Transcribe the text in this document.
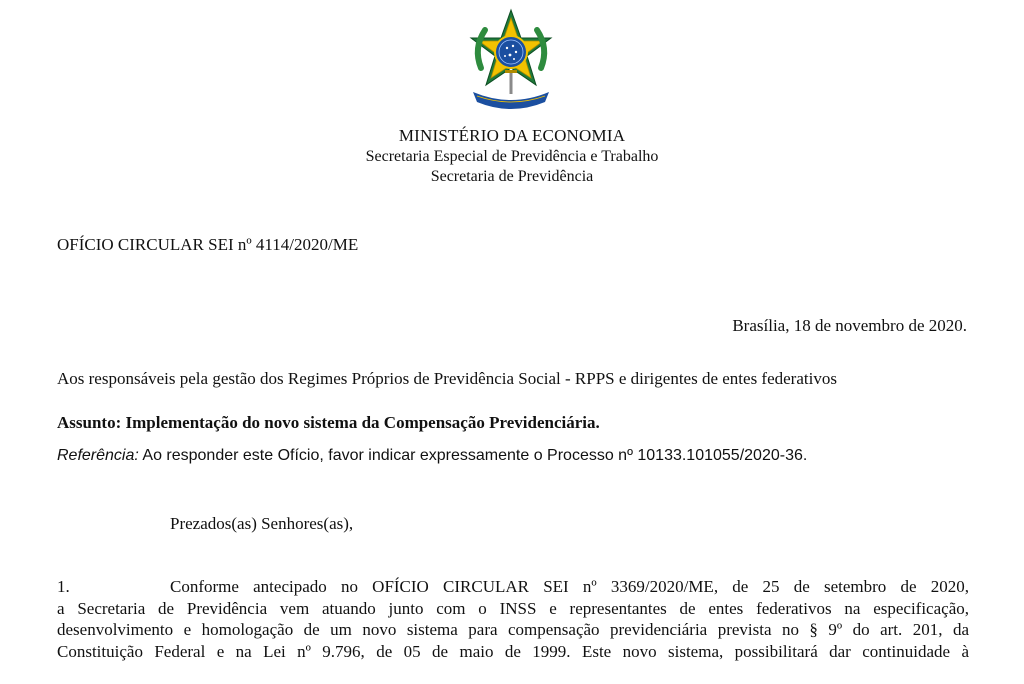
MINISTÉRIO DA ECONOMIA
Secretaria Especial de Previdência e Trabalho
Secretaria de Previdência
OFÍCIO CIRCULAR SEI nº 4114/2020/ME
Brasília, 18 de novembro de 2020.
Aos responsáveis pela gestão dos Regimes Próprios de Previdência Social - RPPS e dirigentes de entes federativos
Assunto: Implementação do novo sistema da Compensação Previdenciária.
Referência: Ao responder este Ofício, favor indicar expressamente o Processo nº 10133.101055/2020-36.
Prezados(as) Senhores(as),
1.	Conforme antecipado no OFÍCIO CIRCULAR SEI nº 3369/2020/ME, de 25 de setembro de 2020,
a Secretaria de Previdência vem atuando junto com o INSS e representantes de entes federativos na especificação,
desenvolvimento e homologação de um novo sistema para compensação previdenciária prevista no § 9º do art. 201, da
Constituição Federal e na Lei nº 9.796, de 05 de maio de 1999. Este novo sistema, possibilitará dar continuidade à
